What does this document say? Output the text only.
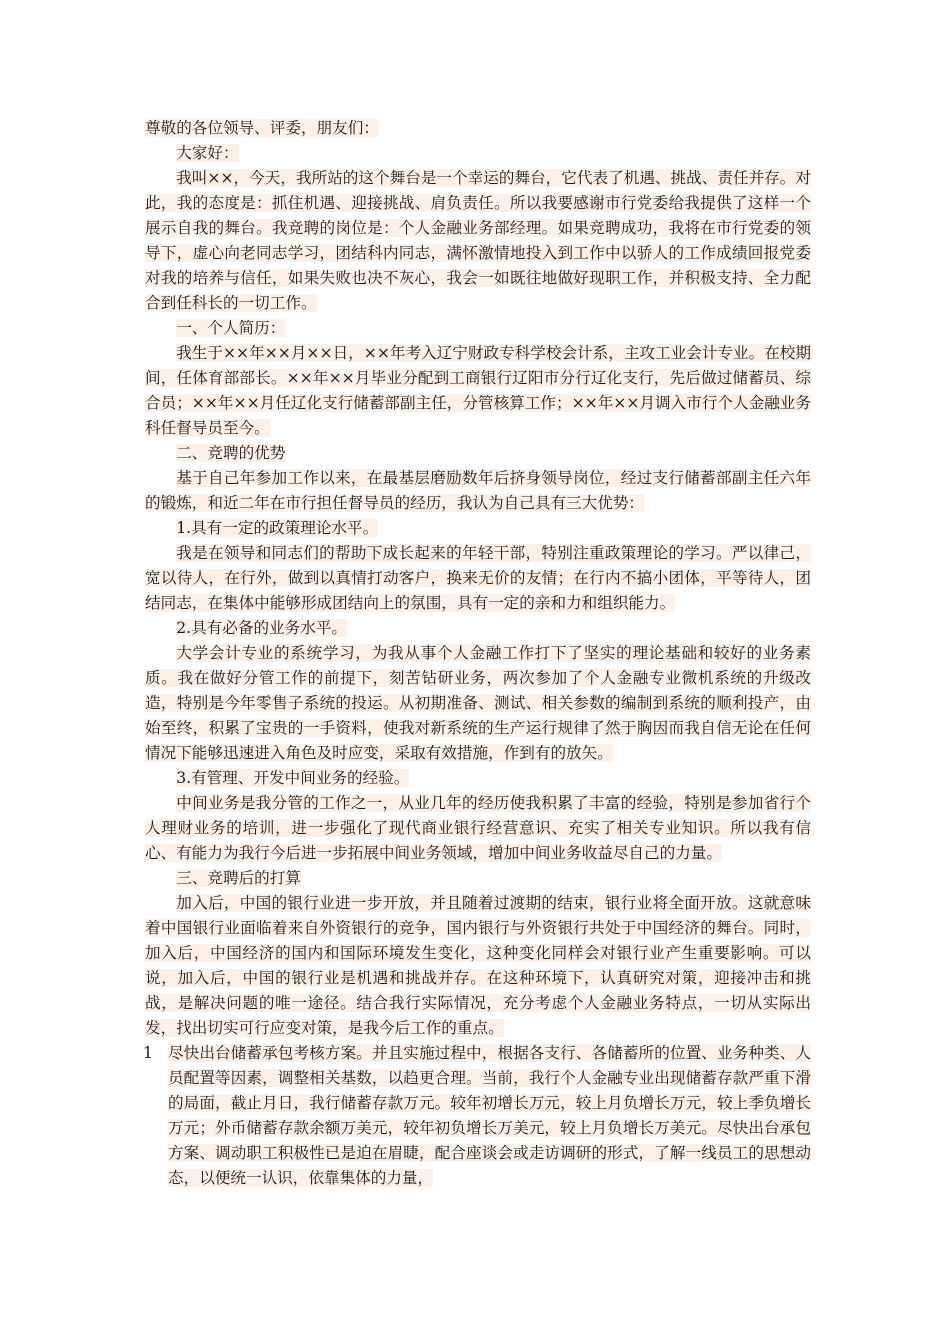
尊敬的各位领导、评委，朋友们：

大家好：

我叫××，今天，我所站的这个舞台是一个幸运的舞台，它代表了机遇、挑战、责任并存。对此，我的态度是：抓住机遇、迎接挑战、肩负责任。所以我要感谢市行党委给我提供了这样一个展示自我的舞台。我竞聘的岗位是：个人金融业务部经理。如果竞聘成功，我将在市行党委的领导下，虚心向老同志学习，团结科内同志，满怀激情地投入到工作中以骄人的工作成绩回报党委对我的培养与信任，如果失败也决不灰心，我会一如既往地做好现职工作，并积极支持、全力配合到任科长的一切工作。

一、个人简历：

我生于××年××月××日，××年考入辽宁财政专科学校会计系，主攻工业会计专业。在校期间，任体育部部长。××年××月毕业分配到工商银行辽阳市分行辽化支行，先后做过储蓄员、综合员；××年××月任辽化支行储蓄部副主任，分管核算工作；××年××月调入市行个人金融业务科任督导员至今。

二、竞聘的优势

基于自己年参加工作以来，在最基层磨励数年后挤身领导岗位，经过支行储蓄部副主任六年的锻炼，和近二年在市行担任督导员的经历，我认为自己具有三大优势：

1.具有一定的政策理论水平。

我是在领导和同志们的帮助下成长起来的年轻干部，特别注重政策理论的学习。严以律己，宽以待人，在行外，做到以真情打动客户，换来无价的友情；在行内不搞小团体，平等待人，团结同志，在集体中能够形成团结向上的氛围，具有一定的亲和力和组织能力。

2.具有必备的业务水平。

大学会计专业的系统学习，为我从事个人金融工作打下了坚实的理论基础和较好的业务素质。我在做好分管工作的前提下，刻苦钻研业务，两次参加了个人金融专业微机系统的升级改造，特别是今年零售子系统的投运。从初期准备、测试、相关参数的编制到系统的顺利投产，由始至终，积累了宝贵的一手资料，使我对新系统的生产运行规律了然于胸因而我自信无论在任何情况下能够迅速进入角色及时应变，采取有效措施，作到有的放矢。

3.有管理、开发中间业务的经验。

中间业务是我分管的工作之一，从业几年的经历使我积累了丰富的经验，特别是参加省行个人理财业务的培训，进一步强化了现代商业银行经营意识、充实了相关专业知识。所以我有信心、有能力为我行今后进一步拓展中间业务领域，增加中间业务收益尽自己的力量。

三、竞聘后的打算

加入后，中国的银行业进一步开放，并且随着过渡期的结束，银行业将全面开放。这就意味着中国银行业面临着来自外资银行的竞争，国内银行与外资银行共处于中国经济的舞台。同时，加入后，中国经济的国内和国际环境发生变化，这种变化同样会对银行业产生重要影响。可以说，加入后，中国的银行业是机遇和挑战并存。在这种环境下，认真研究对策，迎接冲击和挑战，是解决问题的唯一途径。结合我行实际情况，充分考虑个人金融业务特点，一切从实际出发，找出切实可行应变对策，是我今后工作的重点。

1 尽快出台储蓄承包考核方案。并且实施过程中，根据各支行、各储蓄所的位置、业务种类、人员配置等因素，调整相关基数，以趋更合理。当前，我行个人金融专业出现储蓄存款严重下滑的局面，截止月日，我行储蓄存款万元。较年初增长万元，较上月负增长万元，较上季负增长万元；外币储蓄存款余额万美元，较年初负增长万美元，较上月负增长万美元。尽快出台承包方案、调动职工积极性已是迫在眉睫，配合座谈会或走访调研的形式，了解一线员工的思想动态，以便统一认识，依靠集体的力量，
